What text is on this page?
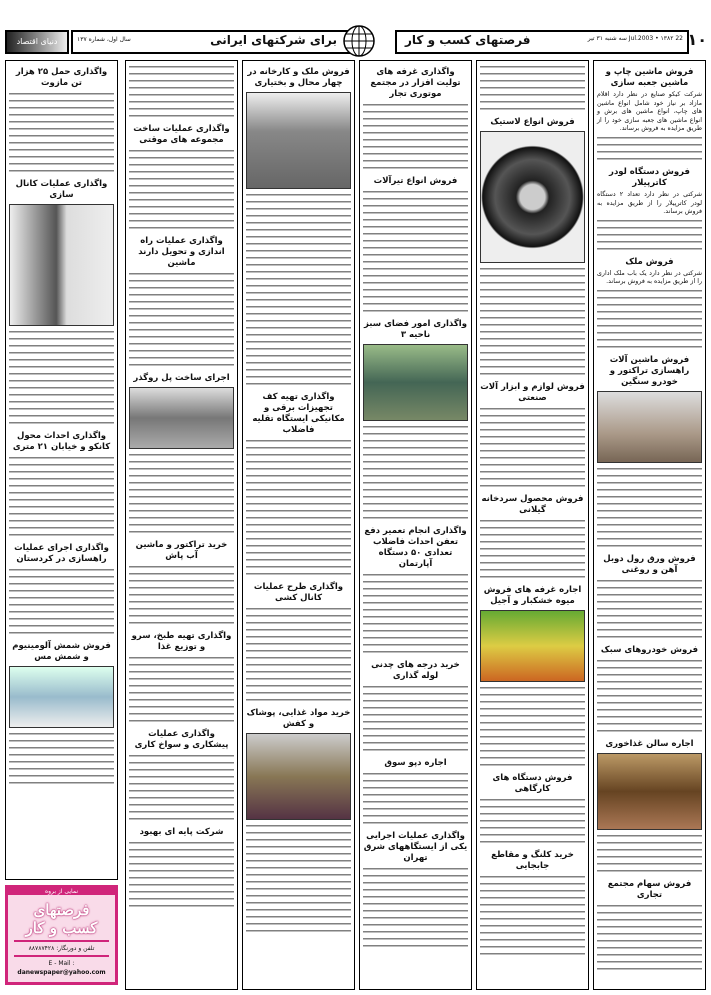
۱۰
22 Jul.2003 • ۱۳۸۲ سه شنبه ۳۱ تیر
فرصتهای کسب و کار
برای شرکتهای ایرانی
سال اول، شماره ۱۳۷
دنیای اقتصاد
فروش ماشین چاپ و ماشین جعبه سازی
شرکت کیکو صنایع در نظر دارد اقلام مازاد بر نیاز خود شامل انواع ماشین های چاپ، انواع ماشین های برش و انواع ماشین های جعبه سازی خود را از طریق مزایده به فروش برساند.
فروش دستگاه لودر کاترپیلار
شرکتی در نظر دارد تعداد ۲ دستگاه لودر کاترپیلار را از طریق مزایده به فروش برساند.
فروش ملک
شرکتی در نظر دارد یک باب ملک اداری را از طریق مزایده به فروش برساند.
فروش ماشین آلات راهسازی تراکتور و خودرو سنگین
فروش ورق رول دوبل آهن و روغنی
فروش خودروهای سبک
اجاره سالن غذاخوری
فروش سهام مجتمع تجاری
فروش انواع لاستیک
فروش لوازم و ابزار آلات صنعتی
فروش محصول سردخانه گیلانی
اجاره غرفه های فروش میوه خشکبار و آجیل
فروش دستگاه های کارگاهی
خرید کلنگ و مقاطع جابجایی
واگذاری غرفه های تولیت افزار در مجتمع موتوری تجار
فروش انواع تیرآلات
واگذاری امور فضای سبز ناحیه ۳
واگذاری انجام تعمیر دفع تعفن احداث فاضلاب تعدادی ۵۰ دستگاه آپارتمان
خرید درجه های چدنی لوله گذاری
اجاره دپو سوق
واگذاری عملیات اجرایی یکی از ایستگاههای شرق تهران
فروش ملک و کارخانه در چهار محال و بختیاری
واگذاری تهیه کف تجهیزات برقی و مکانیکی ایستگاه تقلیه فاضلاب
واگذاری طرح عملیات کانال کشی
خرید مواد غذایی، پوشاک و کفش
واگذاری عملیات ساخت مجموعه های موقتی
واگذاری عملیات راه اندازی و تحویل دارند ماشین
اجرای ساخت پل روگذر
خرید تراکتور و ماشین آب پاش
واگذاری تهیه طبخ، سرو و توزیع غذا
واگذاری عملیات پیشکاری و سواخ کاری
شرکت پایه ای بهبود
واگذاری حمل ۲۵ هزار تن مازوت
واگذاری عملیات کانال سازی
واگذاری احداث محول کانکو و خیابان ۲۱ متری
واگذاری اجرای عملیات راهسازی در کردستان
فروش شمش آلومینیوم و شمش مس
نمایی از بروه
فرصتهای
کسب و کار
تلفن و دورنگار: ۸۸۷۸۷۴۲۸
E - Mail :
danewspaper@yahoo.com
